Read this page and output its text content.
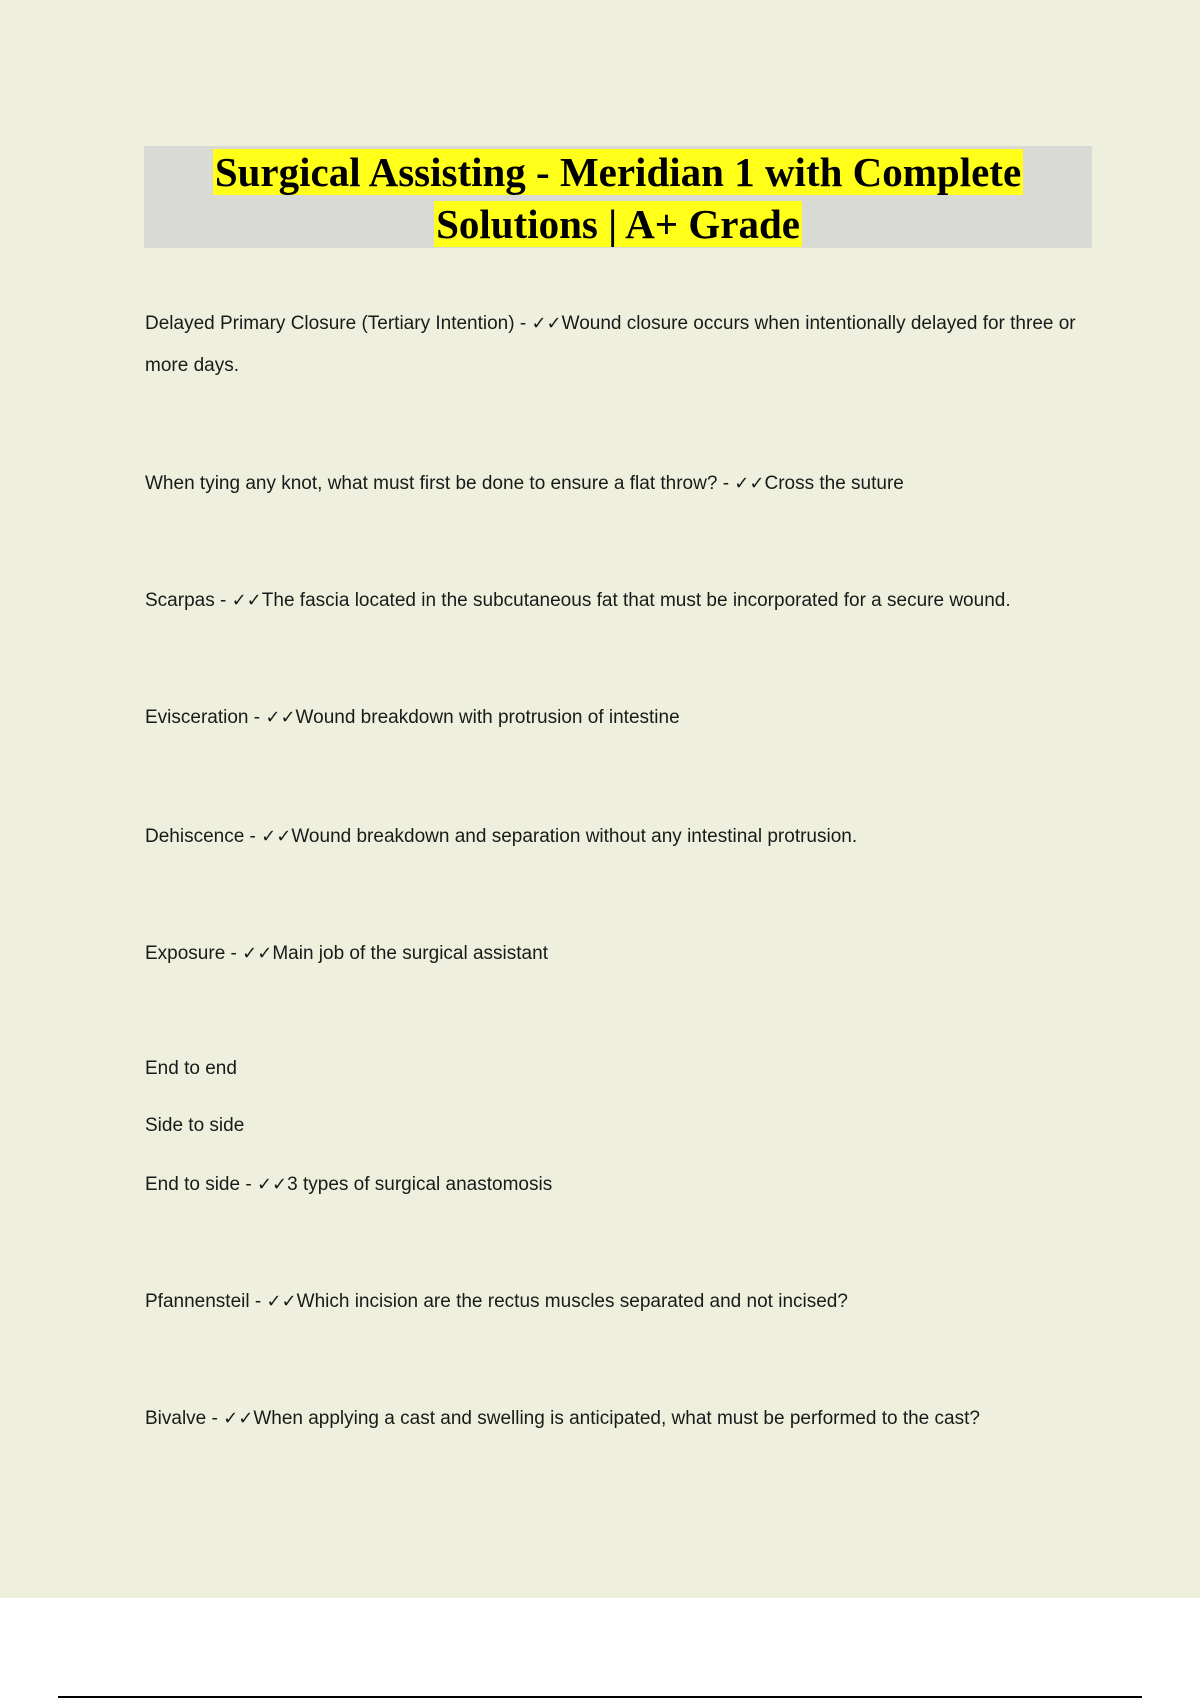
Surgical Assisting - Meridian 1 with Complete
Solutions | A+ Grade
Delayed Primary Closure (Tertiary Intention) - ✓✓Wound closure occurs when intentionally delayed for three or more days.
When tying any knot, what must first be done to ensure a flat throw? - ✓✓Cross the suture
Scarpas - ✓✓The fascia located in the subcutaneous fat that must be incorporated for a secure wound.
Evisceration - ✓✓Wound breakdown with protrusion of intestine
Dehiscence - ✓✓Wound breakdown and separation without any intestinal protrusion.
Exposure - ✓✓Main job of the surgical assistant
End to end
Side to side
End to side - ✓✓3 types of surgical anastomosis
Pfannensteil - ✓✓Which incision are the rectus muscles separated and not incised?
Bivalve - ✓✓When applying a cast and swelling is anticipated, what must be performed to the cast?
